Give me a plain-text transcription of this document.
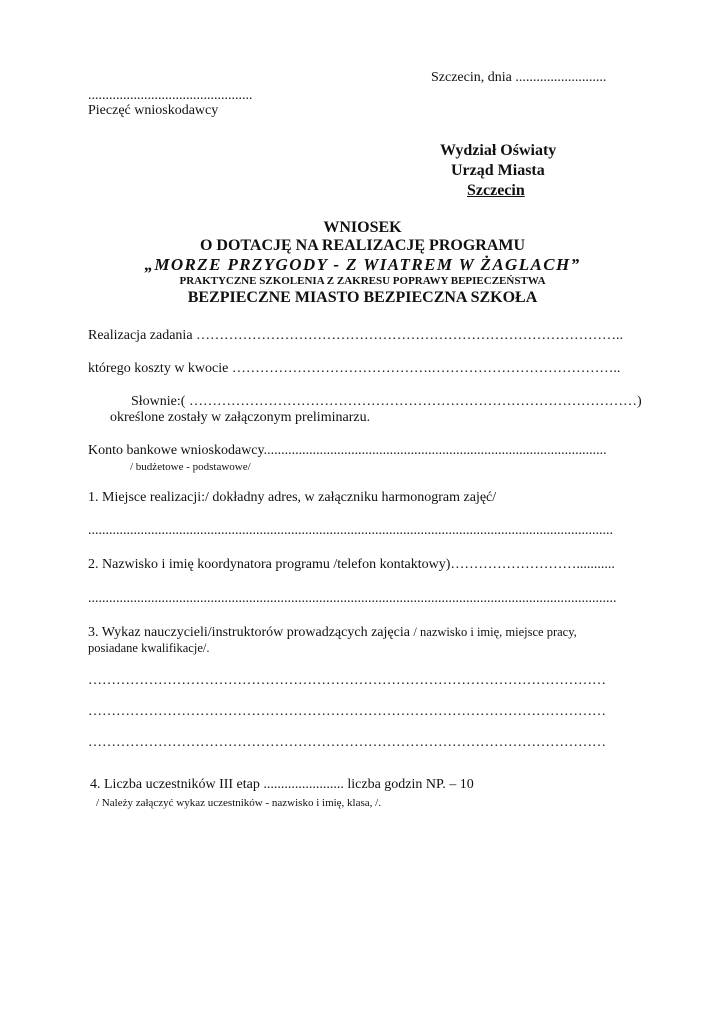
Szczecin, dnia ..........................
...............................................
Pieczęć wnioskodawcy
Wydział Oświaty
Urząd Miasta
Szczecin
WNIOSEK
O DOTACJĘ NA REALIZACJĘ PROGRAMU
„MORZE PRZYGODY - Z WIATREM W ŻAGLACH”
PRAKTYCZNE SZKOLENIA Z ZAKRESU POPRAWY BEPIECZEŃSTWA
BEZPIECZNE MIASTO BEZPIECZNA SZKOŁA
Realizacja zadania ………………………………………………………………………………..
którego koszty w kwocie …………………………………….…………………………………..
Słownie:( ……………………………………………………………………………………)
określone zostały w załączonym preliminarzu.
Konto bankowe wnioskodawcy..................................................................................................
/ budżetowe - podstawowe/
1. Miejsce realizacji:/ dokładny adres, w załączniku harmonogram zajęć/
......................................................................................................................................................
2. Nazwisko i imię koordynatora programu /telefon kontaktowy)………………………...........
.......................................................................................................................................................
3. Wykaz nauczycieli/instruktorów prowadzących zajęcia / nazwisko i imię, miejsce pracy,
posiadane kwalifikacje/.
…………………………………………………………………………………………………
…………………………………………………………………………………………………
…………………………………………………………………………………………………
4. Liczba uczestników III etap ....................... liczba godzin NP. – 10
/ Należy załączyć wykaz uczestników - nazwisko i imię, klasa, /.
